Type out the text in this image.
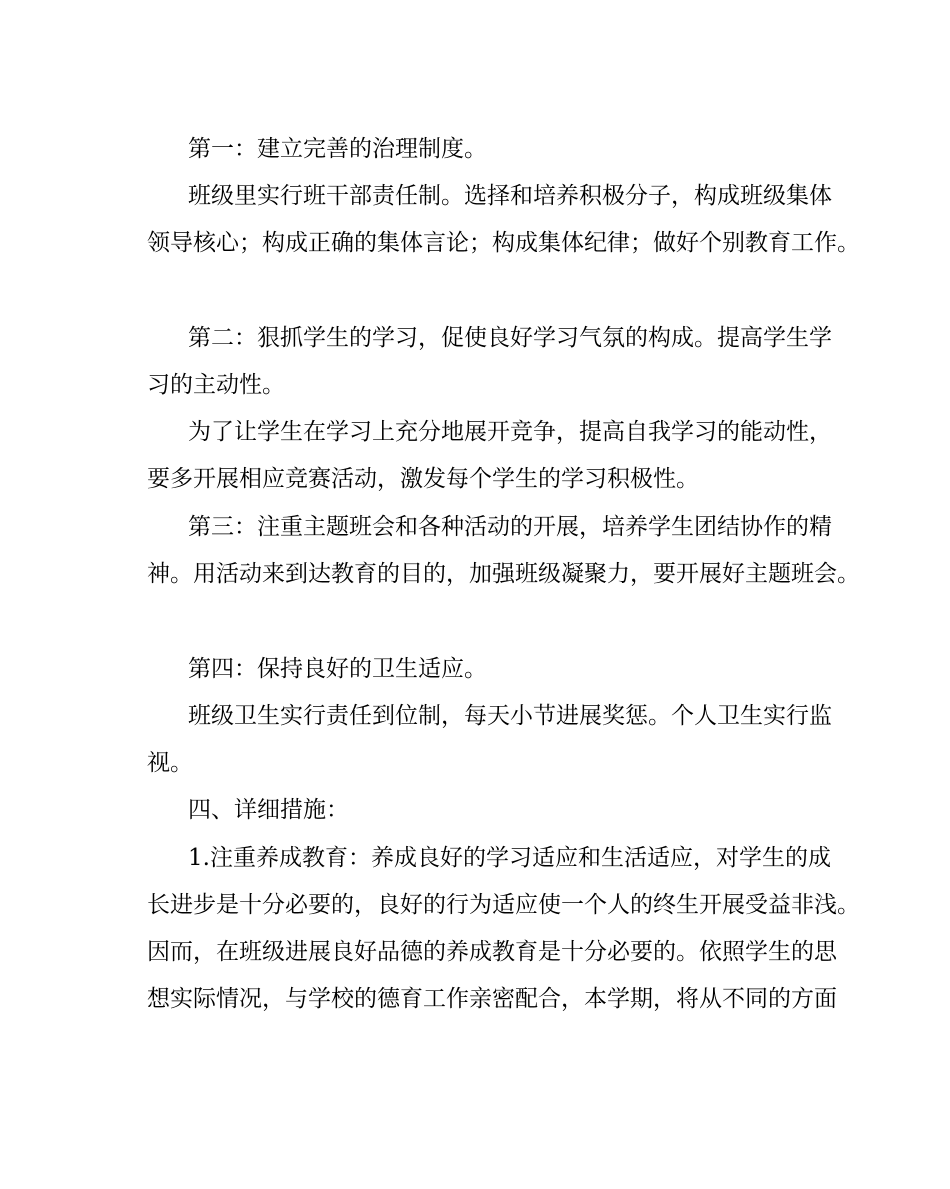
第一：建立完善的治理制度。
班级里实行班干部责任制。选择和培养积极分子，构成班级集体
领导核心；构成正确的集体言论；构成集体纪律；做好个别教育工作。
第二：狠抓学生的学习，促使良好学习气氛的构成。提高学生学
习的主动性。
为了让学生在学习上充分地展开竞争，提高自我学习的能动性，
要多开展相应竞赛活动，激发每个学生的学习积极性。
第三：注重主题班会和各种活动的开展，培养学生团结协作的精
神。用活动来到达教育的目的，加强班级凝聚力，要开展好主题班会。
第四：保持良好的卫生适应。
班级卫生实行责任到位制，每天小节进展奖惩。个人卫生实行监
视。
四、详细措施：
1.注重养成教育：养成良好的学习适应和生活适应，对学生的成
长进步是十分必要的，良好的行为适应使一个人的终生开展受益非浅。
因而，在班级进展良好品德的养成教育是十分必要的。依照学生的思
想实际情况，与学校的德育工作亲密配合，本学期，将从不同的方面
